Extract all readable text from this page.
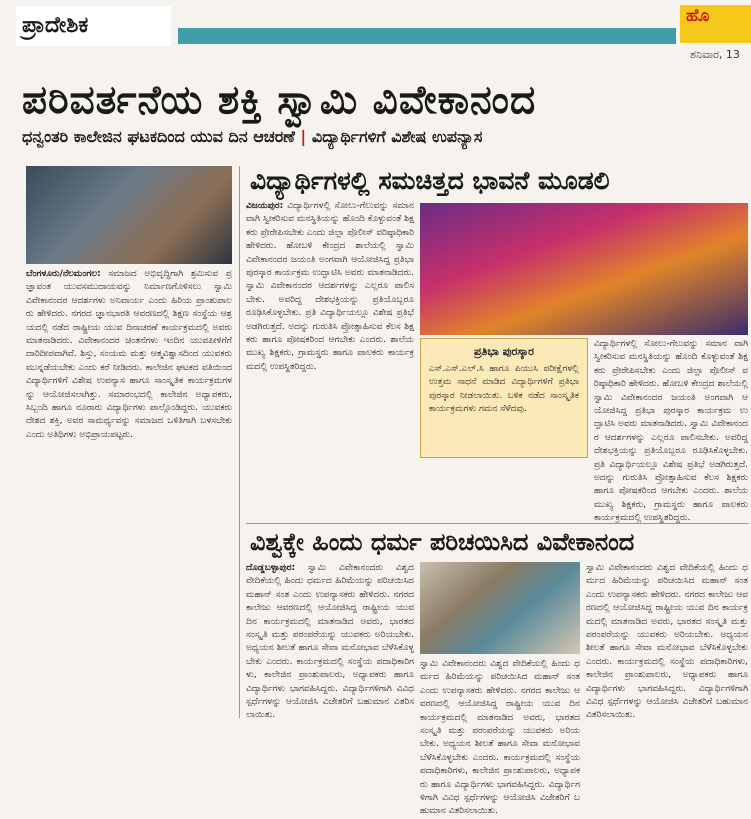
ಪ್ರಾದೇಶಿಕ	ಹೊ
ಶನಿವಾರ, 13
ಪರಿವರ್ತನೆಯ ಶಕ್ತಿ ಸ್ವಾಮಿ ವಿವೇಕಾನಂದ
ಧನ್ವಂತರಿ ಕಾಲೇಜಿನ ಘಟಕದಿಂದ ಯುವ ದಿನ ಆಚರಣೆ | ವಿದ್ಯಾರ್ಥಿಗಳಿಗೆ ವಿಶೇಷ ಉಪನ್ಯಾಸ
ಬೆಂಗಳೂರು/ನೆಲಮಂಗಲ: ಸಮಾಜದ ಅಭಿವೃದ್ಧಿಗಾಗಿ ಶ್ರಮಿಸುವ ಪ್ರಜ್ಞಾವಂತ ಯುವಸಮುದಾಯವನ್ನು ನಿರ್ಮಾಣಗೊಳಿಸಲು ಸ್ವಾಮಿ ವಿವೇಕಾನಂದರ ಆದರ್ಶಗಳು ಅನಿವಾರ್ಯ ಎಂದು ಹಿರಿಯ ಪ್ರಾಂಶುಪಾಲರು ಹೇಳಿದರು. ನಗರದ ಜ್ಞಾನಭಾರತಿ ಆವರಣದಲ್ಲಿ ಶಿಕ್ಷಣ ಸಂಸ್ಥೆಯ ಆಶ್ರಯದಲ್ಲಿ ನಡೆದ ರಾಷ್ಟ್ರೀಯ ಯುವ ದಿನಾಚರಣೆ ಕಾರ್ಯಕ್ರಮದಲ್ಲಿ ಅವರು ಮಾತನಾಡಿದರು. ವಿವೇಕಾನಂದರ ಚಿಂತನೆಗಳು ಇಂದಿನ ಯುವಪೀಳಿಗೆಗೆ ದಾರಿದೀಪವಾಗಿವೆ. ಶಿಸ್ತು, ಸಂಯಮ ಮತ್ತು ಆತ್ಮವಿಶ್ವಾಸದಿಂದ ಯುವಕರು ಮುನ್ನಡೆಯಬೇಕು ಎಂದು ಕರೆ ನೀಡಿದರು. ಕಾಲೇಜಿನ ಘಟಕದ ವತಿಯಿಂದ ವಿದ್ಯಾರ್ಥಿಗಳಿಗೆ ವಿಶೇಷ ಉಪನ್ಯಾಸ ಹಾಗೂ ಸಾಂಸ್ಕೃತಿಕ ಕಾರ್ಯಕ್ರಮಗಳನ್ನು ಆಯೋಜಿಸಲಾಗಿತ್ತು. ಸಮಾರಂಭದಲ್ಲಿ ಕಾಲೇಜಿನ ಅಧ್ಯಾಪಕರು, ಸಿಬ್ಬಂದಿ ಹಾಗೂ ನೂರಾರು ವಿದ್ಯಾರ್ಥಿಗಳು ಪಾಲ್ಗೊಂಡಿದ್ದರು. ಯುವಕರು ದೇಶದ ಶಕ್ತಿ, ಅವರ ಸಾಮರ್ಥ್ಯವನ್ನು ಸಮಾಜದ ಒಳಿತಿಗಾಗಿ ಬಳಸಬೇಕು ಎಂದು ಅತಿಥಿಗಳು ಅಭಿಪ್ರಾಯಪಟ್ಟರು.
ವಿದ್ಯಾರ್ಥಿಗಳಲ್ಲಿ ಸಮಚಿತ್ತದ ಭಾವನೆ ಮೂಡಲಿ
ವಿಜಯಪುರ: ವಿದ್ಯಾರ್ಥಿಗಳಲ್ಲಿ ಸೋಲು-ಗೆಲುವನ್ನು ಸಮಾನ ವಾಗಿ ಸ್ವೀಕರಿಸುವ ಮನಸ್ಥಿತಿಯನ್ನು ಹೊಂದಿ ಕೊಳ್ಳುವಂತೆ ಶಿಕ್ಷಕರು ಪ್ರೇರೇಪಿಸಬೇಕು ಎಂದು ಜಿಲ್ಲಾ ಪೊಲೀಸ್ ವರಿಷ್ಠಾಧಿಕಾರಿ ಹೇಳಿದರು. ಹೋಬಳಿ ಕೇಂದ್ರದ ಶಾಲೆಯಲ್ಲಿ ಸ್ವಾಮಿ ವಿವೇಕಾನಂದರ ಜಯಂತಿ ಅಂಗವಾಗಿ ಆಯೋಜಿಸಿದ್ದ ಪ್ರತಿಭಾ ಪುರಸ್ಕಾರ ಕಾರ್ಯಕ್ರಮ ಉದ್ಘಾಟಿಸಿ ಅವರು ಮಾತನಾಡಿದರು. ಸ್ವಾಮಿ ವಿವೇಕಾನಂದರ ಆದರ್ಶಗಳನ್ನು ಎಲ್ಲರೂ ಪಾಲಿಸಬೇಕು. ಅವರಿದ್ದ ದೇಶಭಕ್ತಿಯನ್ನು ಪ್ರತಿಯೊಬ್ಬರೂ ರೂಢಿಸಿಕೊಳ್ಳಬೇಕು. ಪ್ರತಿ ವಿದ್ಯಾರ್ಥಿಯಲ್ಲೂ ವಿಶೇಷ ಪ್ರತಿಭೆ ಅಡಗಿರುತ್ತದೆ. ಅದನ್ನು ಗುರುತಿಸಿ ಪ್ರೋತ್ಸಾಹಿಸುವ ಕೆಲಸ ಶಿಕ್ಷಕರು ಹಾಗೂ ಪೋಷಕರಿಂದ ಆಗಬೇಕು ಎಂದರು. ಶಾಲೆಯ ಮುಖ್ಯ ಶಿಕ್ಷಕರು, ಗ್ರಾಮಸ್ಥರು ಹಾಗೂ ಪಾಲಕರು ಕಾರ್ಯಕ್ರಮದಲ್ಲಿ ಉಪಸ್ಥಿತರಿದ್ದರು.
ಪ್ರತಿಭಾ ಪುರಸ್ಕಾರ
ಎಸ್.ಎಸ್.ಎಲ್.ಸಿ ಹಾಗೂ ಪಿಯುಸಿ ಪರೀಕ್ಷೆಗಳಲ್ಲಿ ಉತ್ತಮ ಸಾಧನೆ ಮಾಡಿದ ವಿದ್ಯಾರ್ಥಿಗಳಿಗೆ ಪ್ರತಿಭಾ ಪುರಸ್ಕಾರ ನೀಡಲಾಯಿತು. ಬಳಿಕ ನಡೆದ ಸಾಂಸ್ಕೃತಿಕ ಕಾರ್ಯಕ್ರಮಗಳು ಗಮನ ಸೆಳೆದವು.
ವಿದ್ಯಾರ್ಥಿಗಳಲ್ಲಿ ಸೋಲು-ಗೆಲುವನ್ನು ಸಮಾನ ವಾಗಿ ಸ್ವೀಕರಿಸುವ ಮನಸ್ಥಿತಿಯನ್ನು ಹೊಂದಿ ಕೊಳ್ಳುವಂತೆ ಶಿಕ್ಷಕರು ಪ್ರೇರೇಪಿಸಬೇಕು ಎಂದು ಜಿಲ್ಲಾ ಪೊಲೀಸ್ ವರಿಷ್ಠಾಧಿಕಾರಿ ಹೇಳಿದರು. ಹೋಬಳಿ ಕೇಂದ್ರದ ಶಾಲೆಯಲ್ಲಿ ಸ್ವಾಮಿ ವಿವೇಕಾನಂದರ ಜಯಂತಿ ಅಂಗವಾಗಿ ಆಯೋಜಿಸಿದ್ದ ಪ್ರತಿಭಾ ಪುರಸ್ಕಾರ ಕಾರ್ಯಕ್ರಮ ಉದ್ಘಾಟಿಸಿ ಅವರು ಮಾತನಾಡಿದರು. ಸ್ವಾಮಿ ವಿವೇಕಾನಂದರ ಆದರ್ಶಗಳನ್ನು ಎಲ್ಲರೂ ಪಾಲಿಸಬೇಕು. ಅವರಿದ್ದ ದೇಶಭಕ್ತಿಯನ್ನು ಪ್ರತಿಯೊಬ್ಬರೂ ರೂಢಿಸಿಕೊಳ್ಳಬೇಕು. ಪ್ರತಿ ವಿದ್ಯಾರ್ಥಿಯಲ್ಲೂ ವಿಶೇಷ ಪ್ರತಿಭೆ ಅಡಗಿರುತ್ತದೆ. ಅದನ್ನು ಗುರುತಿಸಿ ಪ್ರೋತ್ಸಾಹಿಸುವ ಕೆಲಸ ಶಿಕ್ಷಕರು ಹಾಗೂ ಪೋಷಕರಿಂದ ಆಗಬೇಕು ಎಂದರು. ಶಾಲೆಯ ಮುಖ್ಯ ಶಿಕ್ಷಕರು, ಗ್ರಾಮಸ್ಥರು ಹಾಗೂ ಪಾಲಕರು ಕಾರ್ಯಕ್ರಮದಲ್ಲಿ ಉಪಸ್ಥಿತರಿದ್ದರು.
ವಿಶ್ವಕ್ಕೇ ಹಿಂದು ಧರ್ಮ ಪರಿಚಯಿಸಿದ ವಿವೇಕಾನಂದ
ದೊಡ್ಡಬಳ್ಳಾಪುರ: ಸ್ವಾಮಿ ವಿವೇಕಾನಂದರು ವಿಶ್ವದ ವೇದಿಕೆಯಲ್ಲಿ ಹಿಂದು ಧರ್ಮದ ಹಿರಿಮೆಯನ್ನು ಪರಿಚಯಿಸಿದ ಮಹಾನ್ ಸಂತ ಎಂದು ಉಪನ್ಯಾಸಕರು ಹೇಳಿದರು. ನಗರದ ಕಾಲೇಜು ಆವರಣದಲ್ಲಿ ಆಯೋಜಿಸಿದ್ದ ರಾಷ್ಟ್ರೀಯ ಯುವ ದಿನ ಕಾರ್ಯಕ್ರಮದಲ್ಲಿ ಮಾತನಾಡಿದ ಅವರು, ಭಾರತದ ಸಂಸ್ಕೃತಿ ಮತ್ತು ಪರಂಪರೆಯನ್ನು ಯುವಕರು ಅರಿಯಬೇಕು. ಅಧ್ಯಯನ ಶೀಲತೆ ಹಾಗೂ ಸೇವಾ ಮನೋಭಾವ ಬೆಳೆಸಿಕೊಳ್ಳಬೇಕು ಎಂದರು. ಕಾರ್ಯಕ್ರಮದಲ್ಲಿ ಸಂಸ್ಥೆಯ ಪದಾಧಿಕಾರಿಗಳು, ಕಾಲೇಜಿನ ಪ್ರಾಂಶುಪಾಲರು, ಅಧ್ಯಾಪಕರು ಹಾಗೂ ವಿದ್ಯಾರ್ಥಿಗಳು ಭಾಗವಹಿಸಿದ್ದರು. ವಿದ್ಯಾರ್ಥಿಗಳಿಗಾಗಿ ವಿವಿಧ ಸ್ಪರ್ಧೆಗಳನ್ನು ಆಯೋಜಿಸಿ ವಿಜೇತರಿಗೆ ಬಹುಮಾನ ವಿತರಿಸಲಾಯಿತು.
ಸ್ವಾಮಿ ವಿವೇಕಾನಂದರು ವಿಶ್ವದ ವೇದಿಕೆಯಲ್ಲಿ ಹಿಂದು ಧರ್ಮದ ಹಿರಿಮೆಯನ್ನು ಪರಿಚಯಿಸಿದ ಮಹಾನ್ ಸಂತ ಎಂದು ಉಪನ್ಯಾಸಕರು ಹೇಳಿದರು. ನಗರದ ಕಾಲೇಜು ಆವರಣದಲ್ಲಿ ಆಯೋಜಿಸಿದ್ದ ರಾಷ್ಟ್ರೀಯ ಯುವ ದಿನ ಕಾರ್ಯಕ್ರಮದಲ್ಲಿ ಮಾತನಾಡಿದ ಅವರು, ಭಾರತದ ಸಂಸ್ಕೃತಿ ಮತ್ತು ಪರಂಪರೆಯನ್ನು ಯುವಕರು ಅರಿಯಬೇಕು. ಅಧ್ಯಯನ ಶೀಲತೆ ಹಾಗೂ ಸೇವಾ ಮನೋಭಾವ ಬೆಳೆಸಿಕೊಳ್ಳಬೇಕು ಎಂದರು. ಕಾರ್ಯಕ್ರಮದಲ್ಲಿ ಸಂಸ್ಥೆಯ ಪದಾಧಿಕಾರಿಗಳು, ಕಾಲೇಜಿನ ಪ್ರಾಂಶುಪಾಲರು, ಅಧ್ಯಾಪಕರು ಹಾಗೂ ವಿದ್ಯಾರ್ಥಿಗಳು ಭಾಗವಹಿಸಿದ್ದರು. ವಿದ್ಯಾರ್ಥಿಗಳಿಗಾಗಿ ವಿವಿಧ ಸ್ಪರ್ಧೆಗಳನ್ನು ಆಯೋಜಿಸಿ ವಿಜೇತರಿಗೆ ಬಹುಮಾನ ವಿತರಿಸಲಾಯಿತು.
ಸ್ವಾಮಿ ವಿವೇಕಾನಂದರು ವಿಶ್ವದ ವೇದಿಕೆಯಲ್ಲಿ ಹಿಂದು ಧರ್ಮದ ಹಿರಿಮೆಯನ್ನು ಪರಿಚಯಿಸಿದ ಮಹಾನ್ ಸಂತ ಎಂದು ಉಪನ್ಯಾಸಕರು ಹೇಳಿದರು. ನಗರದ ಕಾಲೇಜು ಆವರಣದಲ್ಲಿ ಆಯೋಜಿಸಿದ್ದ ರಾಷ್ಟ್ರೀಯ ಯುವ ದಿನ ಕಾರ್ಯಕ್ರಮದಲ್ಲಿ ಮಾತನಾಡಿದ ಅವರು, ಭಾರತದ ಸಂಸ್ಕೃತಿ ಮತ್ತು ಪರಂಪರೆಯನ್ನು ಯುವಕರು ಅರಿಯಬೇಕು. ಅಧ್ಯಯನ ಶೀಲತೆ ಹಾಗೂ ಸೇವಾ ಮನೋಭಾವ ಬೆಳೆಸಿಕೊಳ್ಳಬೇಕು ಎಂದರು. ಕಾರ್ಯಕ್ರಮದಲ್ಲಿ ಸಂಸ್ಥೆಯ ಪದಾಧಿಕಾರಿಗಳು, ಕಾಲೇಜಿನ ಪ್ರಾಂಶುಪಾಲರು, ಅಧ್ಯಾಪಕರು ಹಾಗೂ ವಿದ್ಯಾರ್ಥಿಗಳು ಭಾಗವಹಿಸಿದ್ದರು. ವಿದ್ಯಾರ್ಥಿಗಳಿಗಾಗಿ ವಿವಿಧ ಸ್ಪರ್ಧೆಗಳನ್ನು ಆಯೋಜಿಸಿ ವಿಜೇತರಿಗೆ ಬಹುಮಾನ ವಿತರಿಸಲಾಯಿತು.
